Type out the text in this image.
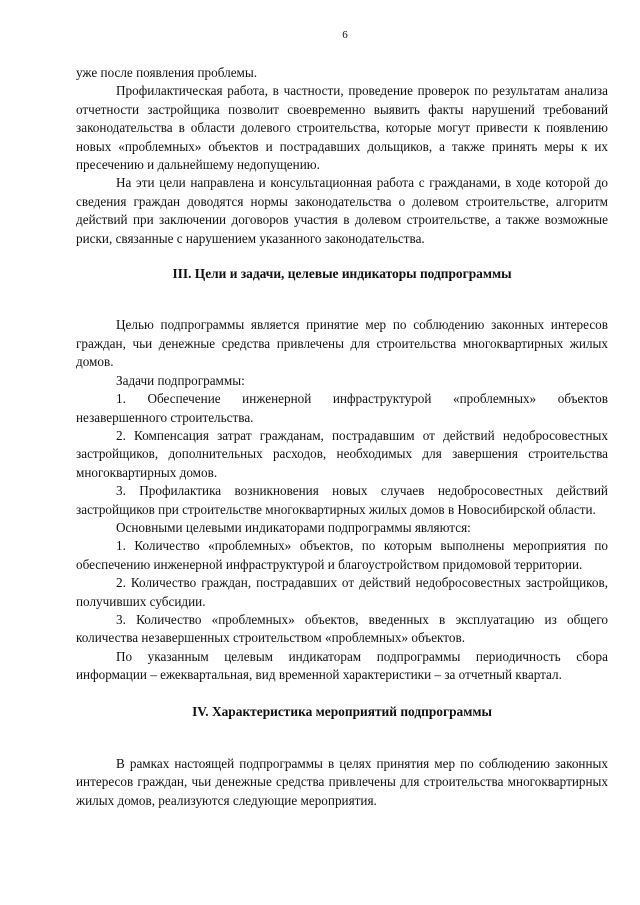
6

уже после появления проблемы.

Профилактическая работа, в частности, проведение проверок по результатам анализа отчетности застройщика позволит своевременно выявить факты нарушений требований законодательства в области долевого строительства, которые могут привести к появлению новых «проблемных» объектов и пострадавших дольщиков, а также принять меры к их пресечению и дальнейшему недопущению.

На эти цели направлена и консультационная работа с гражданами, в ходе которой до сведения граждан доводятся нормы законодательства о долевом строительстве, алгоритм действий при заключении договоров участия в долевом строительстве, а также возможные риски, связанные с нарушением указанного законодательства.

III. Цели и задачи, целевые индикаторы подпрограммы

Целью подпрограммы является принятие мер по соблюдению законных интересов граждан, чьи денежные средства привлечены для строительства многоквартирных жилых домов.

Задачи подпрограммы:

1. Обеспечение инженерной инфраструктурой «проблемных» объектов незавершенного строительства.

2. Компенсация затрат гражданам, пострадавшим от действий недобросовестных застройщиков, дополнительных расходов, необходимых для завершения строительства многоквартирных домов.

3. Профилактика возникновения новых случаев недобросовестных действий застройщиков при строительстве многоквартирных жилых домов в Новосибирской области.

Основными целевыми индикаторами подпрограммы являются:

1. Количество «проблемных» объектов, по которым выполнены мероприятия по обеспечению инженерной инфраструктурой и благоустройством придомовой территории.

2. Количество граждан, пострадавших от действий недобросовестных застройщиков, получивших субсидии.

3. Количество «проблемных» объектов, введенных в эксплуатацию из общего количества незавершенных строительством «проблемных» объектов.

По указанным целевым индикаторам подпрограммы периодичность сбора информации – ежеквартальная, вид временной характеристики – за отчетный квартал.

IV. Характеристика мероприятий подпрограммы

В рамках настоящей подпрограммы в целях принятия мер по соблюдению законных интересов граждан, чьи денежные средства привлечены для строительства многоквартирных жилых домов, реализуются следующие мероприятия.
